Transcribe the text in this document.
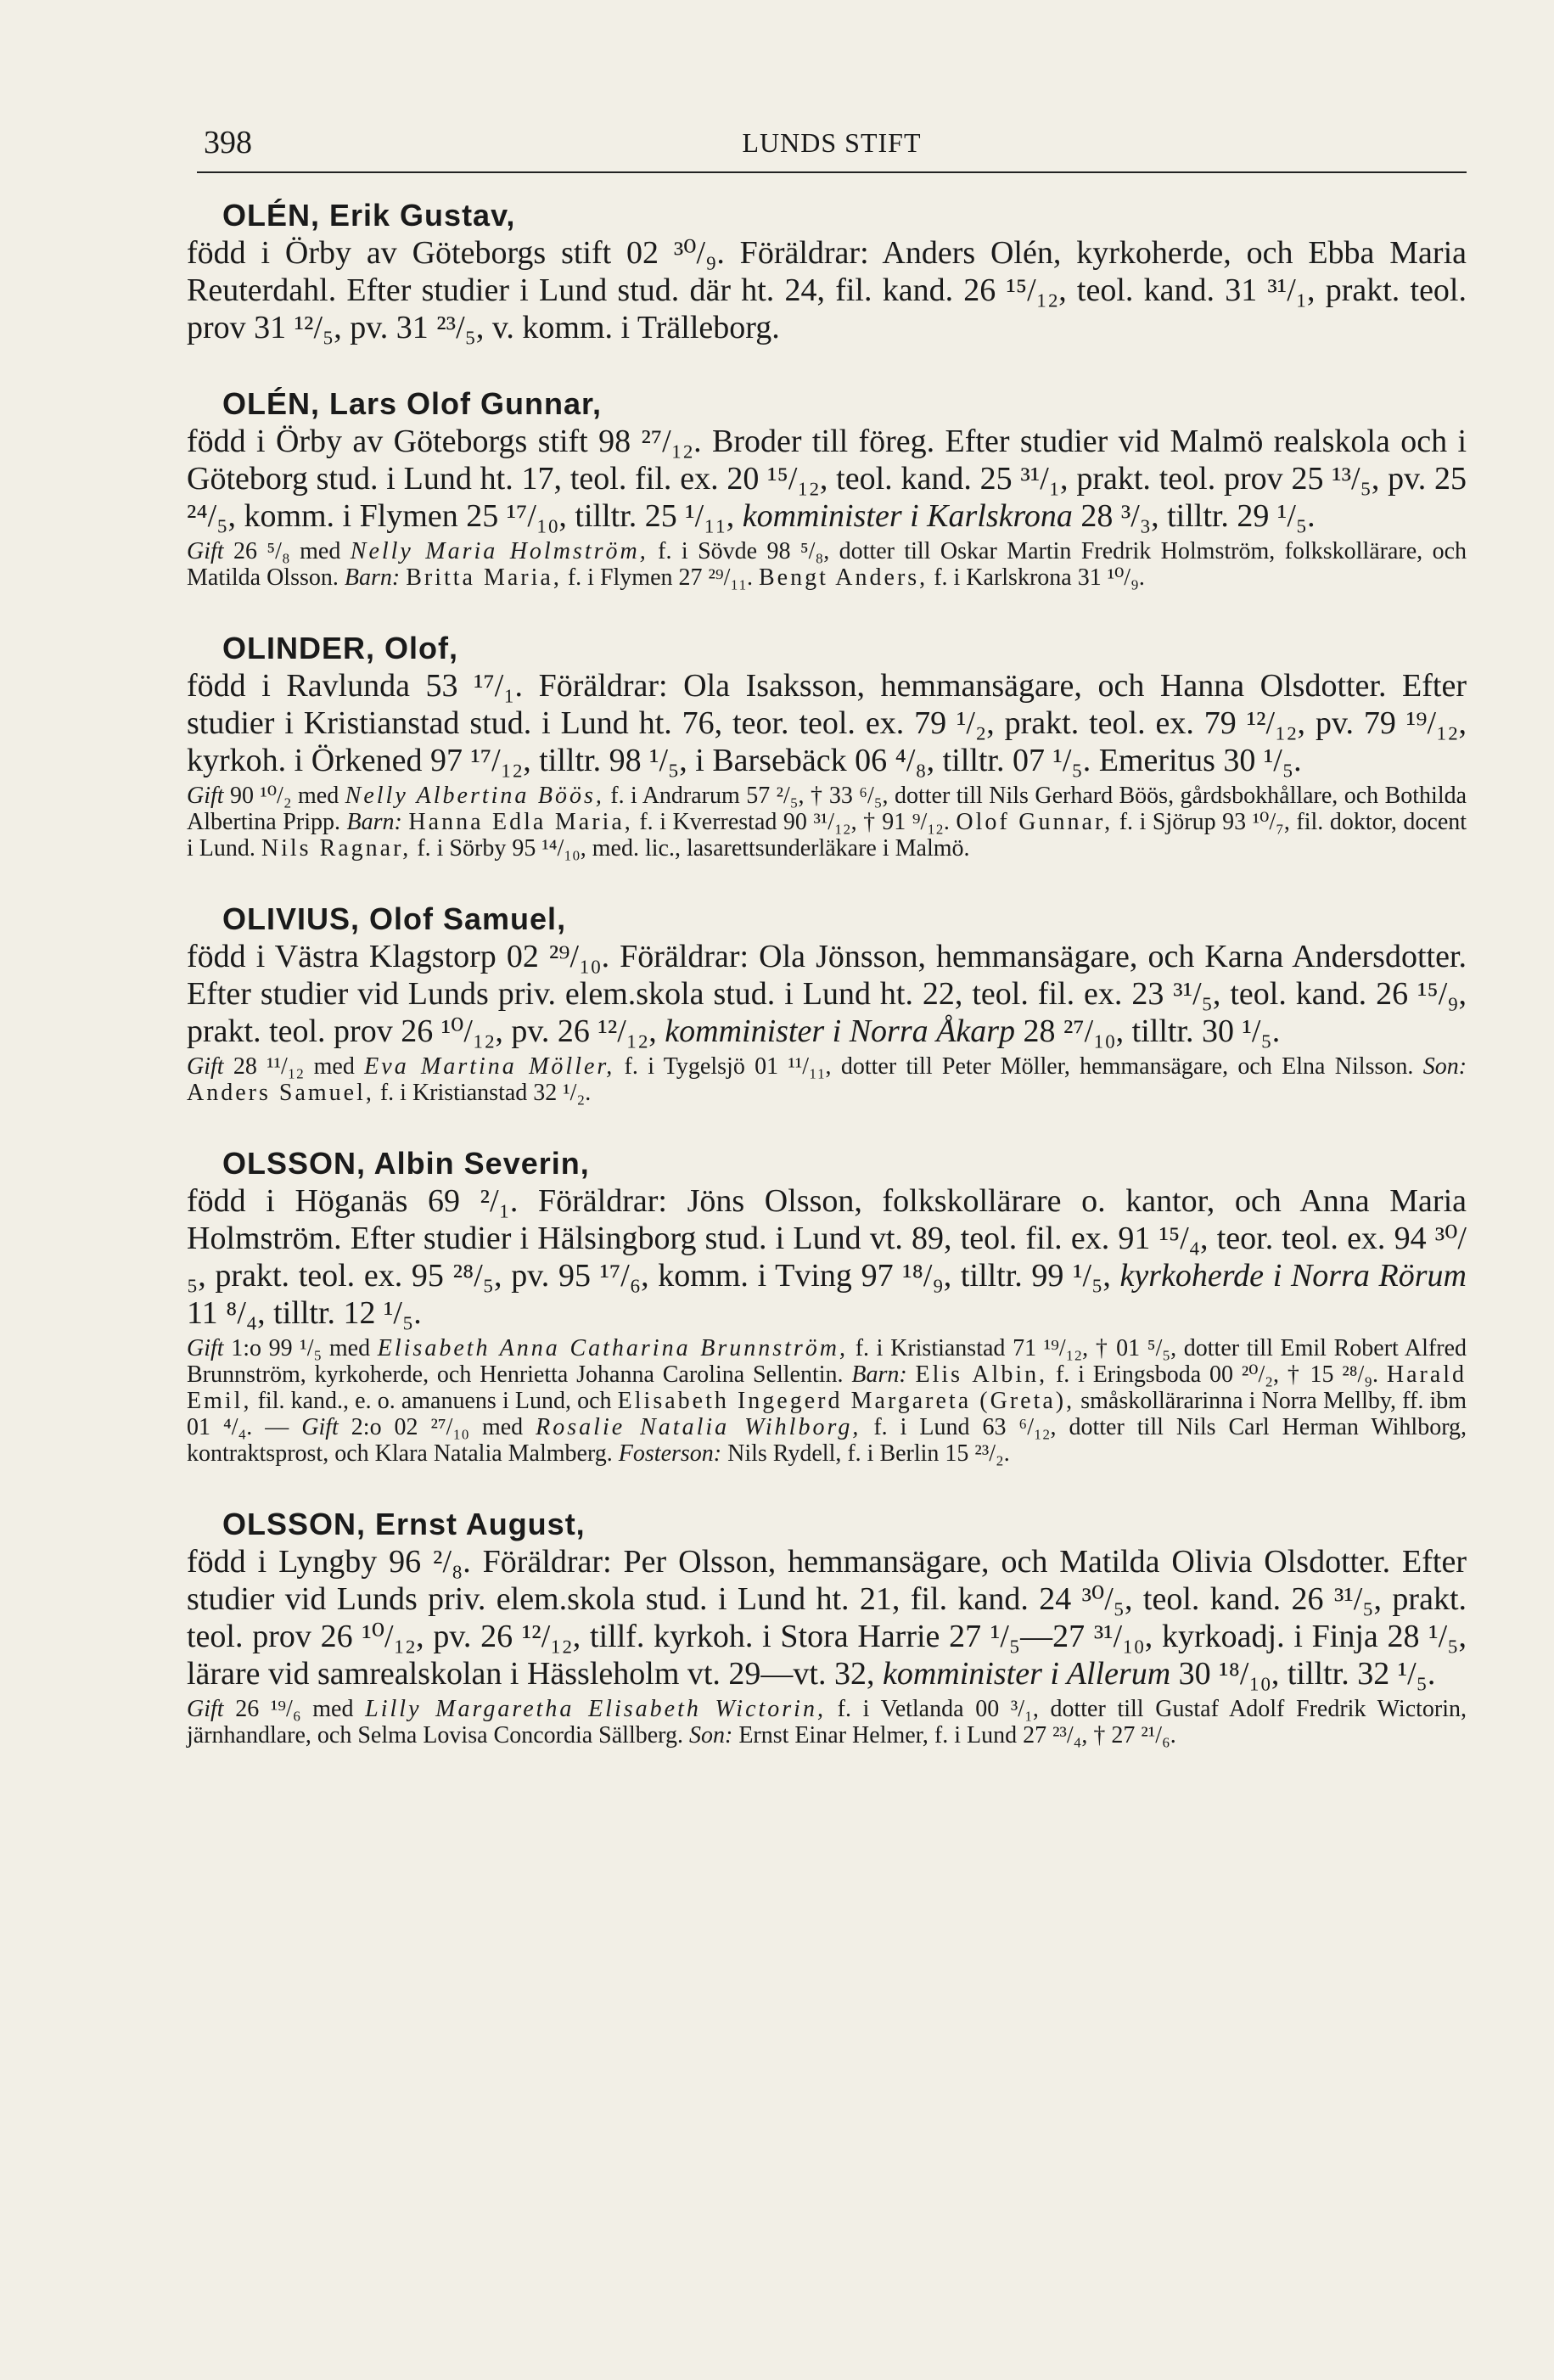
398	LUNDS STIFT
OLÉN, Erik Gustav,
född i Örby av Göteborgs stift 02 ³⁰/₉. Föräldrar: Anders Olén, kyrkoherde, och Ebba Maria Reuterdahl. Efter studier i Lund stud. där ht. 24, fil. kand. 26 ¹⁵/₁₂, teol. kand. 31 ³¹/₁, prakt. teol. prov 31 ¹²/₅, pv. 31 ²³/₅, v. komm. i Trälleborg.
OLÉN, Lars Olof Gunnar,
född i Örby av Göteborgs stift 98 ²⁷/₁₂. Broder till föreg. Efter studier vid Malmö realskola och i Göteborg stud. i Lund ht. 17, teol. fil. ex. 20 ¹⁵/₁₂, teol. kand. 25 ³¹/₁, prakt. teol. prov 25 ¹³/₅, pv. 25 ²⁴/₅, komm. i Flymen 25 ¹⁷/₁₀, tilltr. 25 ¹/₁₁, komminister i Karlskrona 28 ³/₃, tilltr. 29 ¹/₅.
Gift 26 ⁵/₈ med Nelly Maria Holmström, f. i Sövde 98 ⁵/₈, dotter till Oskar Martin Fredrik Holmström, folkskollärare, och Matilda Olsson. Barn: Britta Maria, f. i Flymen 27 ²⁹/₁₁. Bengt Anders, f. i Karlskrona 31 ¹⁰/₉.
OLINDER, Olof,
född i Ravlunda 53 ¹⁷/₁. Föräldrar: Ola Isaksson, hemmansägare, och Hanna Olsdotter. Efter studier i Kristianstad stud. i Lund ht. 76, teor. teol. ex. 79 ¹/₂, prakt. teol. ex. 79 ¹²/₁₂, pv. 79 ¹⁹/₁₂, kyrkoh. i Örkened 97 ¹⁷/₁₂, tilltr. 98 ¹/₅, i Barsebäck 06 ⁴/₈, tilltr. 07 ¹/₅. Emeritus 30 ¹/₅.
Gift 90 ¹⁰/₂ med Nelly Albertina Böös, f. i Andrarum 57 ²/₅, † 33 ⁶/₅, dotter till Nils Gerhard Böös, gårdsbokhållare, och Bothilda Albertina Pripp. Barn: Hanna Edla Maria, f. i Kverrestad 90 ³¹/₁₂, † 91 ⁹/₁₂. Olof Gunnar, f. i Sjörup 93 ¹⁰/₇, fil. doktor, docent i Lund. Nils Ragnar, f. i Sörby 95 ¹⁴/₁₀, med. lic., lasarettsunderläkare i Malmö.
OLIVIUS, Olof Samuel,
född i Västra Klagstorp 02 ²⁹/₁₀. Föräldrar: Ola Jönsson, hemmansägare, och Karna Andersdotter. Efter studier vid Lunds priv. elem.skola stud. i Lund ht. 22, teol. fil. ex. 23 ³¹/₅, teol. kand. 26 ¹⁵/₉, prakt. teol. prov 26 ¹⁰/₁₂, pv. 26 ¹²/₁₂, komminister i Norra Åkarp 28 ²⁷/₁₀, tilltr. 30 ¹/₅.
Gift 28 ¹¹/₁₂ med Eva Martina Möller, f. i Tygelsjö 01 ¹¹/₁₁, dotter till Peter Möller, hemmansägare, och Elna Nilsson. Son: Anders Samuel, f. i Kristianstad 32 ¹/₂.
OLSSON, Albin Severin,
född i Höganäs 69 ²/₁. Föräldrar: Jöns Olsson, folkskollärare o. kantor, och Anna Maria Holmström. Efter studier i Hälsingborg stud. i Lund vt. 89, teol. fil. ex. 91 ¹⁵/₄, teor. teol. ex. 94 ³⁰/₅, prakt. teol. ex. 95 ²⁸/₅, pv. 95 ¹⁷/₆, komm. i Tving 97 ¹⁸/₉, tilltr. 99 ¹/₅, kyrkoherde i Norra Rörum 11 ⁸/₄, tilltr. 12 ¹/₅.
Gift 1:o 99 ¹/₅ med Elisabeth Anna Catharina Brunnström, f. i Kristianstad 71 ¹⁹/₁₂, † 01 ⁵/₅, dotter till Emil Robert Alfred Brunnström, kyrkoherde, och Henrietta Johanna Carolina Sellentin. Barn: Elis Albin, f. i Eringsboda 00 ²⁰/₂, † 15 ²⁸/₉. Harald Emil, fil. kand., e. o. amanuens i Lund, och Elisabeth Ingegerd Margareta (Greta), småskollärarinna i Norra Mellby, ff. ibm 01 ⁴/₄. — Gift 2:o 02 ²⁷/₁₀ med Rosalie Natalia Wihlborg, f. i Lund 63 ⁶/₁₂, dotter till Nils Carl Herman Wihlborg, kontraktsprost, och Klara Natalia Malmberg. Fosterson: Nils Rydell, f. i Berlin 15 ²³/₂.
OLSSON, Ernst August,
född i Lyngby 96 ²/₈. Föräldrar: Per Olsson, hemmansägare, och Matilda Olivia Olsdotter. Efter studier vid Lunds priv. elem.skola stud. i Lund ht. 21, fil. kand. 24 ³⁰/₅, teol. kand. 26 ³¹/₅, prakt. teol. prov 26 ¹⁰/₁₂, pv. 26 ¹²/₁₂, tillf. kyrkoh. i Stora Harrie 27 ¹/₅—27 ³¹/₁₀, kyrkoadj. i Finja 28 ¹/₅, lärare vid samrealskolan i Hässleholm vt. 29—vt. 32, komminister i Allerum 30 ¹⁸/₁₀, tilltr. 32 ¹/₅.
Gift 26 ¹⁹/₆ med Lilly Margaretha Elisabeth Wictorin, f. i Vetlanda 00 ³/₁, dotter till Gustaf Adolf Fredrik Wictorin, järnhandlare, och Selma Lovisa Concordia Sällberg. Son: Ernst Einar Helmer, f. i Lund 27 ²³/₄, † 27 ²¹/₆.
